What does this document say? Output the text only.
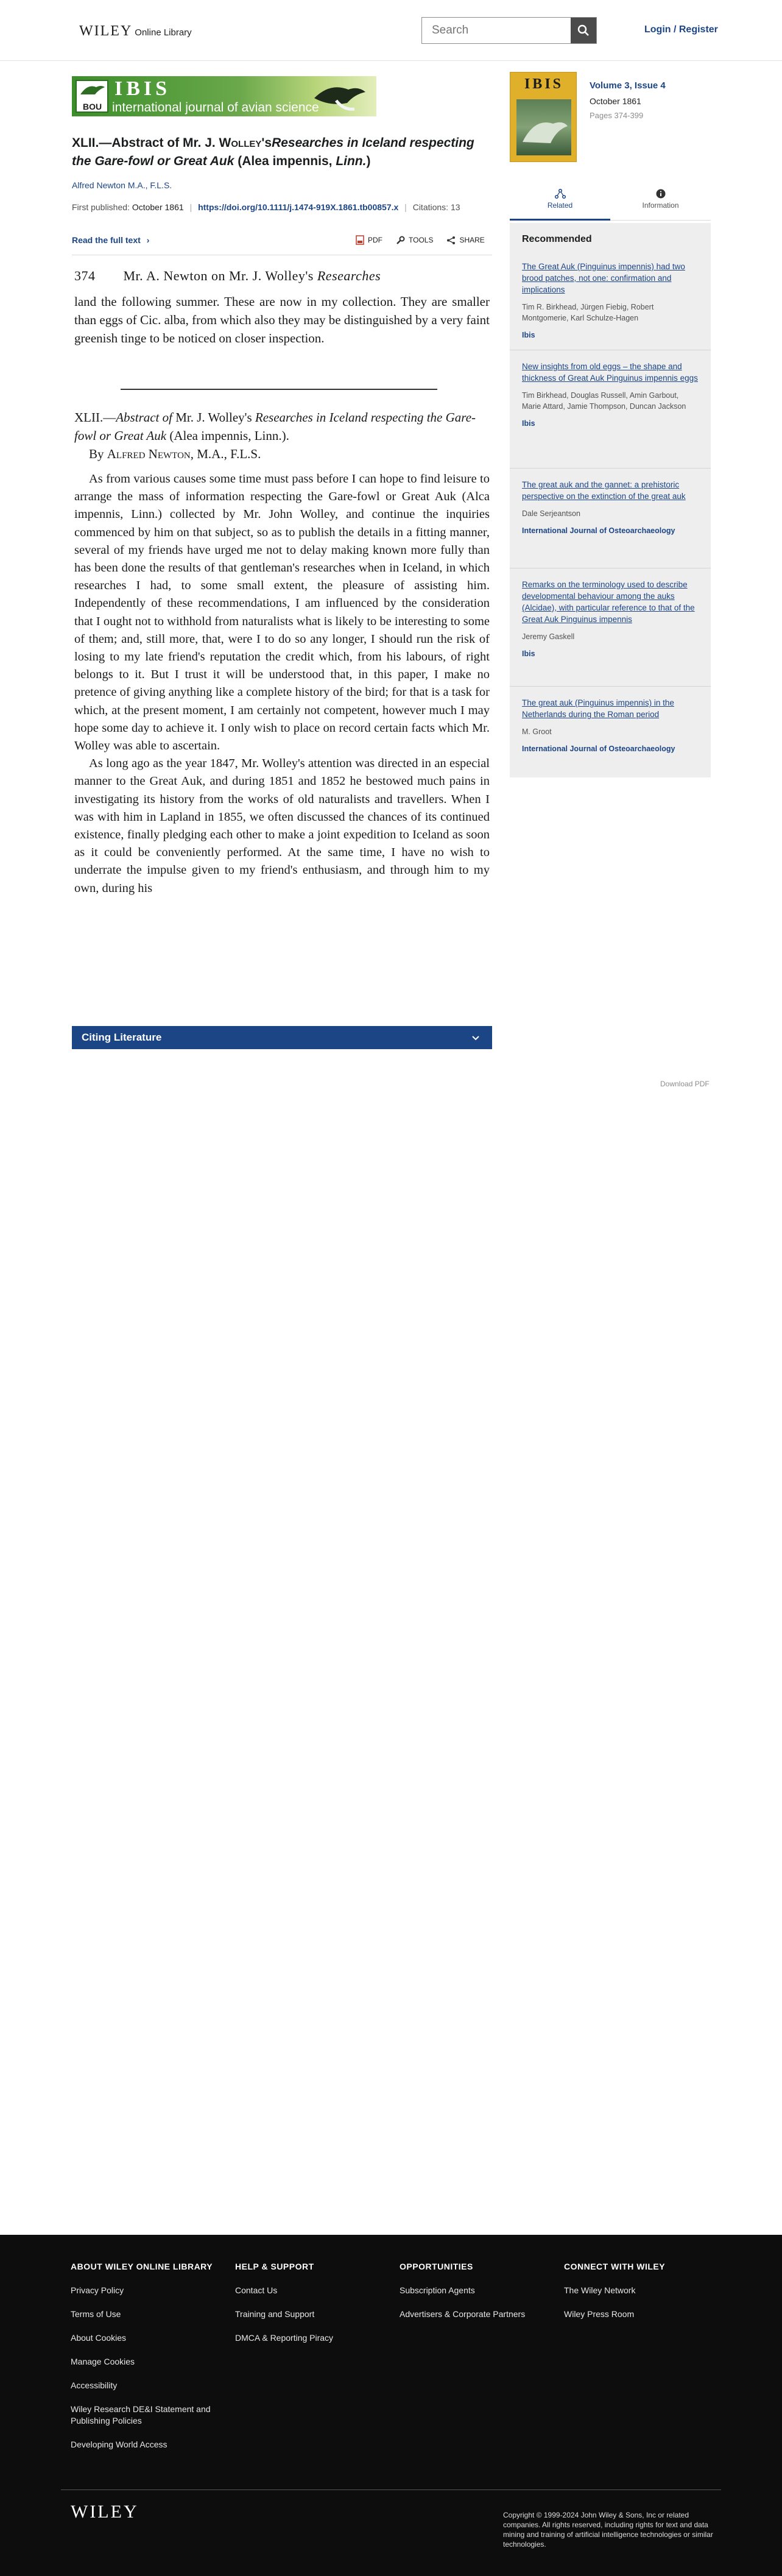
WILEY Online Library
Search	Login / Register
BOU
IBIS
international journal of avian science
XLII.—Abstract of Mr. J. Wolley'sResearches in Iceland respecting the Gare-fowl or Great Auk (Alea impennis, Linn.)
Alfred Newton M.A., F.L.S.
First published: October 1861 | https://doi.org/10.1111/j.1474-919X.1861.tb00857.x | Citations: 13
Read the full text ›	PDF	TOOLS	SHARE
374 Mr. A. Newton on Mr. J. Wolley's Researches
land the following summer. These are now in my collection. They are smaller than eggs of Cic. alba, from which also they may be distinguished by a very faint greenish tinge to be noticed on closer inspection.
XLII.—Abstract of Mr. J. Wolley's Researches in Iceland respecting the Gare-fowl or Great Auk (Alea impennis, Linn.).
By Alfred Newton, M.A., F.L.S.

As from various causes some time must pass before I can hope to find leisure to arrange the mass of information respecting the Gare-fowl or Great Auk (Alca impennis, Linn.) collected by Mr. John Wolley, and continue the inquiries commenced by him on that subject, so as to publish the details in a fitting manner, several of my friends have urged me not to delay making known more fully than has been done the results of that gentleman's researches when in Iceland, in which researches I had, to some small extent, the pleasure of assisting him. Independently of these recommendations, I am influenced by the consideration that I ought not to withhold from naturalists what is likely to be interesting to some of them; and, still more, that, were I to do so any longer, I should run the risk of losing to my late friend's reputation the credit which, from his labours, of right belongs to it. But I trust it will be understood that, in this paper, I make no pretence of giving anything like a complete history of the bird; for that is a task for which, at the present moment, I am certainly not competent, however much I may hope some day to achieve it. I only wish to place on record certain facts which Mr. Wolley was able to ascertain.

As long ago as the year 1847, Mr. Wolley's attention was directed in an especial manner to the Great Auk, and during 1851 and 1852 he bestowed much pains in investigating its history from the works of old naturalists and travellers. When I was with him in Lapland in 1855, we often discussed the chances of its continued existence, finally pledging each other to make a joint expedition to Iceland as soon as it could be conveniently performed. At the same time, I have no wish to underrate the impulse given to my friend's enthusiasm, and through him to my own, during his

Citing Literature
Download PDF
IBIS	Volume 3, Issue 4
October 1861
Pages 374-399
Related	Information
Recommended
The Great Auk (Pinguinus impennis) had two brood patches, not one: confirmation and implications
Tim R. Birkhead, Jürgen Fiebig, Robert Montgomerie, Karl Schulze-Hagen
Ibis
New insights from old eggs – the shape and thickness of Great Auk Pinguinus impennis eggs
Tim Birkhead, Douglas Russell, Amin Garbout, Marie Attard, Jamie Thompson, Duncan Jackson
Ibis
The great auk and the gannet: a prehistoric perspective on the extinction of the great auk
Dale Serjeantson
International Journal of Osteoarchaeology
Remarks on the terminology used to describe developmental behaviour among the auks (Alcidae), with particular reference to that of the Great Auk Pinguinus impennis
Jeremy Gaskell
Ibis
The great auk (Pinguinus impennis) in the Netherlands during the Roman period
M. Groot
International Journal of Osteoarchaeology
ABOUT WILEY ONLINE LIBRARY
Privacy Policy
Terms of Use
About Cookies
Manage Cookies
Accessibility
Wiley Research DE&I Statement and Publishing Policies
Developing World Access
HELP & SUPPORT
Contact Us
Training and Support
DMCA & Reporting Piracy
OPPORTUNITIES
Subscription Agents
Advertisers & Corporate Partners
CONNECT WITH WILEY
The Wiley Network
Wiley Press Room
WILEY	Copyright © 1999-2024 John Wiley & Sons, Inc or related companies. All rights reserved, including rights for text and data mining and training of artificial intelligence technologies or similar technologies.
